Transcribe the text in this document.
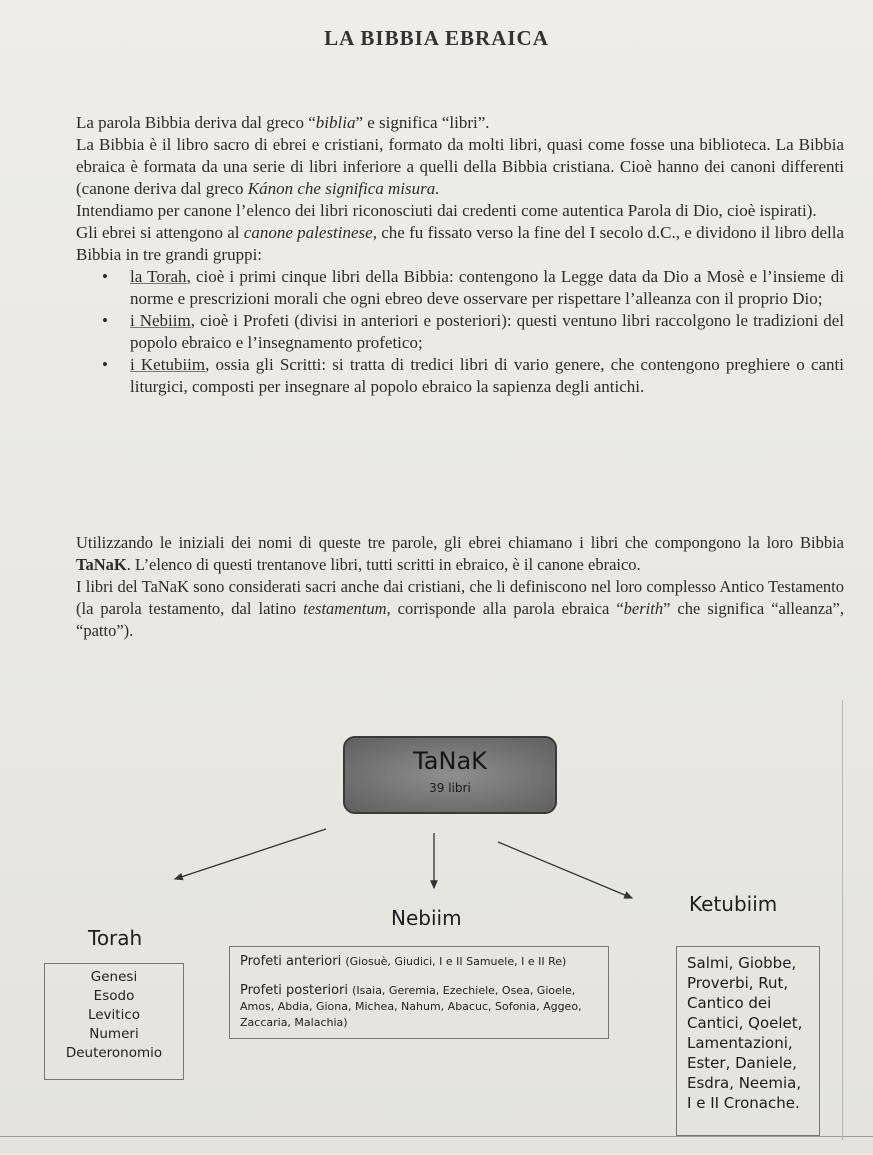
LA BIBBIA EBRAICA

La parola Bibbia deriva dal greco “biblia” e significa “libri”.

La Bibbia è il libro sacro di ebrei e cristiani, formato da molti libri, quasi come fosse una biblioteca. La Bibbia ebraica è formata da una serie di libri inferiore a quelli della Bibbia cristiana. Cioè hanno dei canoni differenti (canone deriva dal greco Kánon che significa misura.

Intendiamo per canone l’elenco dei libri riconosciuti dai credenti come autentica Parola di Dio, cioè ispirati).

Gli ebrei si attengono al canone palestinese, che fu fissato verso la fine del I secolo d.C., e dividono il libro della Bibbia in tre grandi gruppi:

• la Torah, cioè i primi cinque libri della Bibbia: contengono la Legge data da Dio a Mosè e l’insieme di norme e prescrizioni morali che ogni ebreo deve osservare per rispettare l’alleanza con il proprio Dio;
• i Nebiim, cioè i Profeti (divisi in anteriori e posteriori): questi ventuno libri raccolgono le tradizioni del popolo ebraico e l’insegnamento profetico;
• i Ketubiim, ossia gli Scritti: si tratta di tredici libri di vario genere, che contengono preghiere o canti liturgici, composti per insegnare al popolo ebraico la sapienza degli antichi.

Utilizzando le iniziali dei nomi di queste tre parole, gli ebrei chiamano i libri che compongono la loro Bibbia TaNaK. L’elenco di questi trentanove libri, tutti scritti in ebraico, è il canone ebraico.

I libri del TaNaK sono considerati sacri anche dai cristiani, che li definiscono nel loro complesso Antico Testamento (la parola testamento, dal latino testamentum, corrisponde alla parola ebraica “berith” che significa “alleanza”, “patto”).

TaNaK
39 libri
Torah
Nebiim
Ketubiim
Genesi
Esodo
Levitico
Numeri
Deuteronomio
Profeti anteriori (Giosuè, Giudici, I e II Samuele, I e II Re)
Profeti posteriori (Isaia, Geremia, Ezechiele, Osea, Gioele,
Amos, Abdia, Giona, Michea, Nahum, Abacuc, Sofonia, Aggeo,
Zaccaria, Malachia)
Salmi, Giobbe,
Proverbi, Rut,
Cantico dei
Cantici, Qoelet,
Lamentazioni,
Ester, Daniele,
Esdra, Neemia,
I e II Cronache.
